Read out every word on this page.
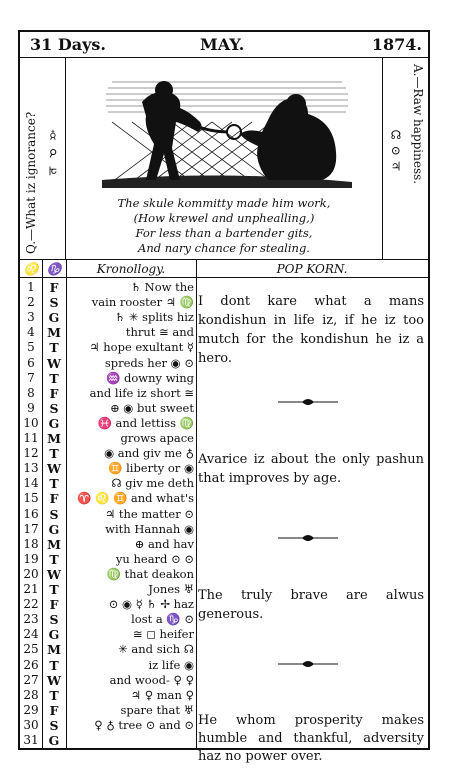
31 Days.	MAY.	1874.
Q.—What iz ignorance? ♃ ☌ ☿
The skule kommitty made him work,
(How krewel and unphealling,)
For less than a bartender gits,
And nary chance for stealing.
A.—Raw happiness.
☊ ⊙ ♃
♌ ♑	Kronollogy.	POP KORN.
1	F	♄ Now the
2	S	vain rooster ♃ ♍
3	G	♄ ✳ splits hiz
4 M	thrut ≅ and
5	T	♃ hope exultant ☿
6 W	spreds her ◉ ⊙
7	T	♒ downy wing
8	F	and life iz short ≅
9	S	⊕ ◉ but sweet
10 G	♓ and lettiss ♍
11 M	grows apace
12 T	◉ and giv me ♁
13 W	♊ liberty or ◉
14 T	☊ giv me deth
15 F	♈ ♌ ♊ and what's
16 S	♃ the matter ⊙
17 G	with Hannah ◉
18 M	⊕ and hav
19 T	yu heard ⊙ ⊙
20 W	♍ that deakon
21 T	Jones ♅
22 F	⊙ ◉ ☿ ♄ ✢ haz
23 S	lost a ♑ ⊙
24 G	≅ ◻ heifer
25 M	✳ and sich ☊
26 T	iz life ◉
27 W	and wood- ♀ ♀
28 T	♃ ♀ man ♀
29 F	spare that ♅
30 S	♀ ♁ tree ⊙ and ⊙
31 G

I dont kare what a mans kondishun in life iz, if he iz too mutch for the kondishun he iz a hero.

Avarice iz about the only pashun that improves by age.

The truly brave are alwus generous.

He whom prosperity makes humble and thankful, adversity haz no power over.
